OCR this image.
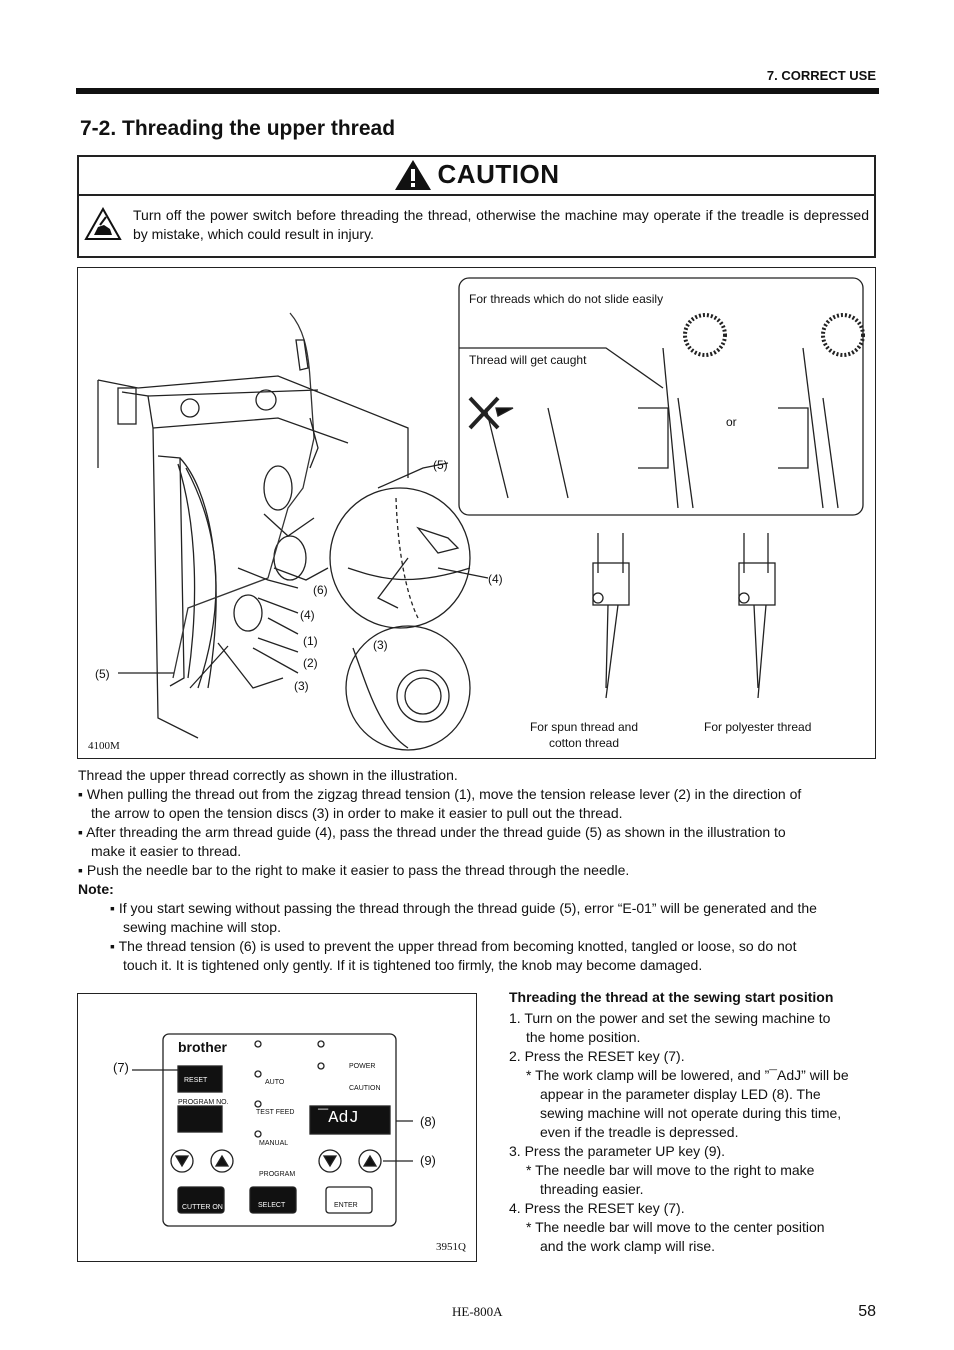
7. CORRECT USE
7-2. Threading the upper thread
CAUTION
Turn off the power switch before threading the thread, otherwise the machine may operate if the treadle is depressed by mistake, which could result in injury.
For threads which do not slide easily
Thread will get caught
or
For spun thread and
cotton thread
For polyester thread
4100M
(5)
(6)
(4)
(4)
(1)
(2)
(3)
(5)
(3)
Thread the upper thread correctly as shown in the illustration.
▪ When pulling the thread out from the zigzag thread tension (1), move the tension release lever (2) in the direction of
the arrow to open the tension discs (3) in order to make it easier to pull out the thread.
▪ After threading the arm thread guide (4), pass the thread under the thread guide (5) as shown in the illustration to
make it easier to thread.
▪ Push the needle bar to the right to make it easier to pass the thread through the needle.
Note:
▪ If you start sewing without passing the thread through the thread guide (5), error “E-01” will be generated and the
sewing machine will stop.
▪ The thread tension (6) is used to prevent the upper thread from becoming knotted, tangled or loose, so do not
touch it. It is tightened only gently. If it is tightened too firmly, the knob may become damaged.
brother
RESET
PROGRAM NO.
AUTO
TEST FEED
MANUAL
PROGRAM
POWER
CAUTION
¯AdJ
CUTTER ON	SELECT	ENTER
(7)
(8)
(9)
3951Q
Threading the thread at the sewing start position
1. Turn on the power and set the sewing machine to
the home position.
2. Press the RESET key (7).
* The work clamp will be lowered, and ”¯AdJ” will be
appear in the parameter display LED (8). The
sewing machine will not operate during this time,
even if the treadle is depressed.
3. Press the parameter UP key (9).
* The needle bar will move to the right to make
threading easier.
4. Press the RESET key (7).
* The needle bar will move to the center position
and the work clamp will rise.
HE-800A	58
